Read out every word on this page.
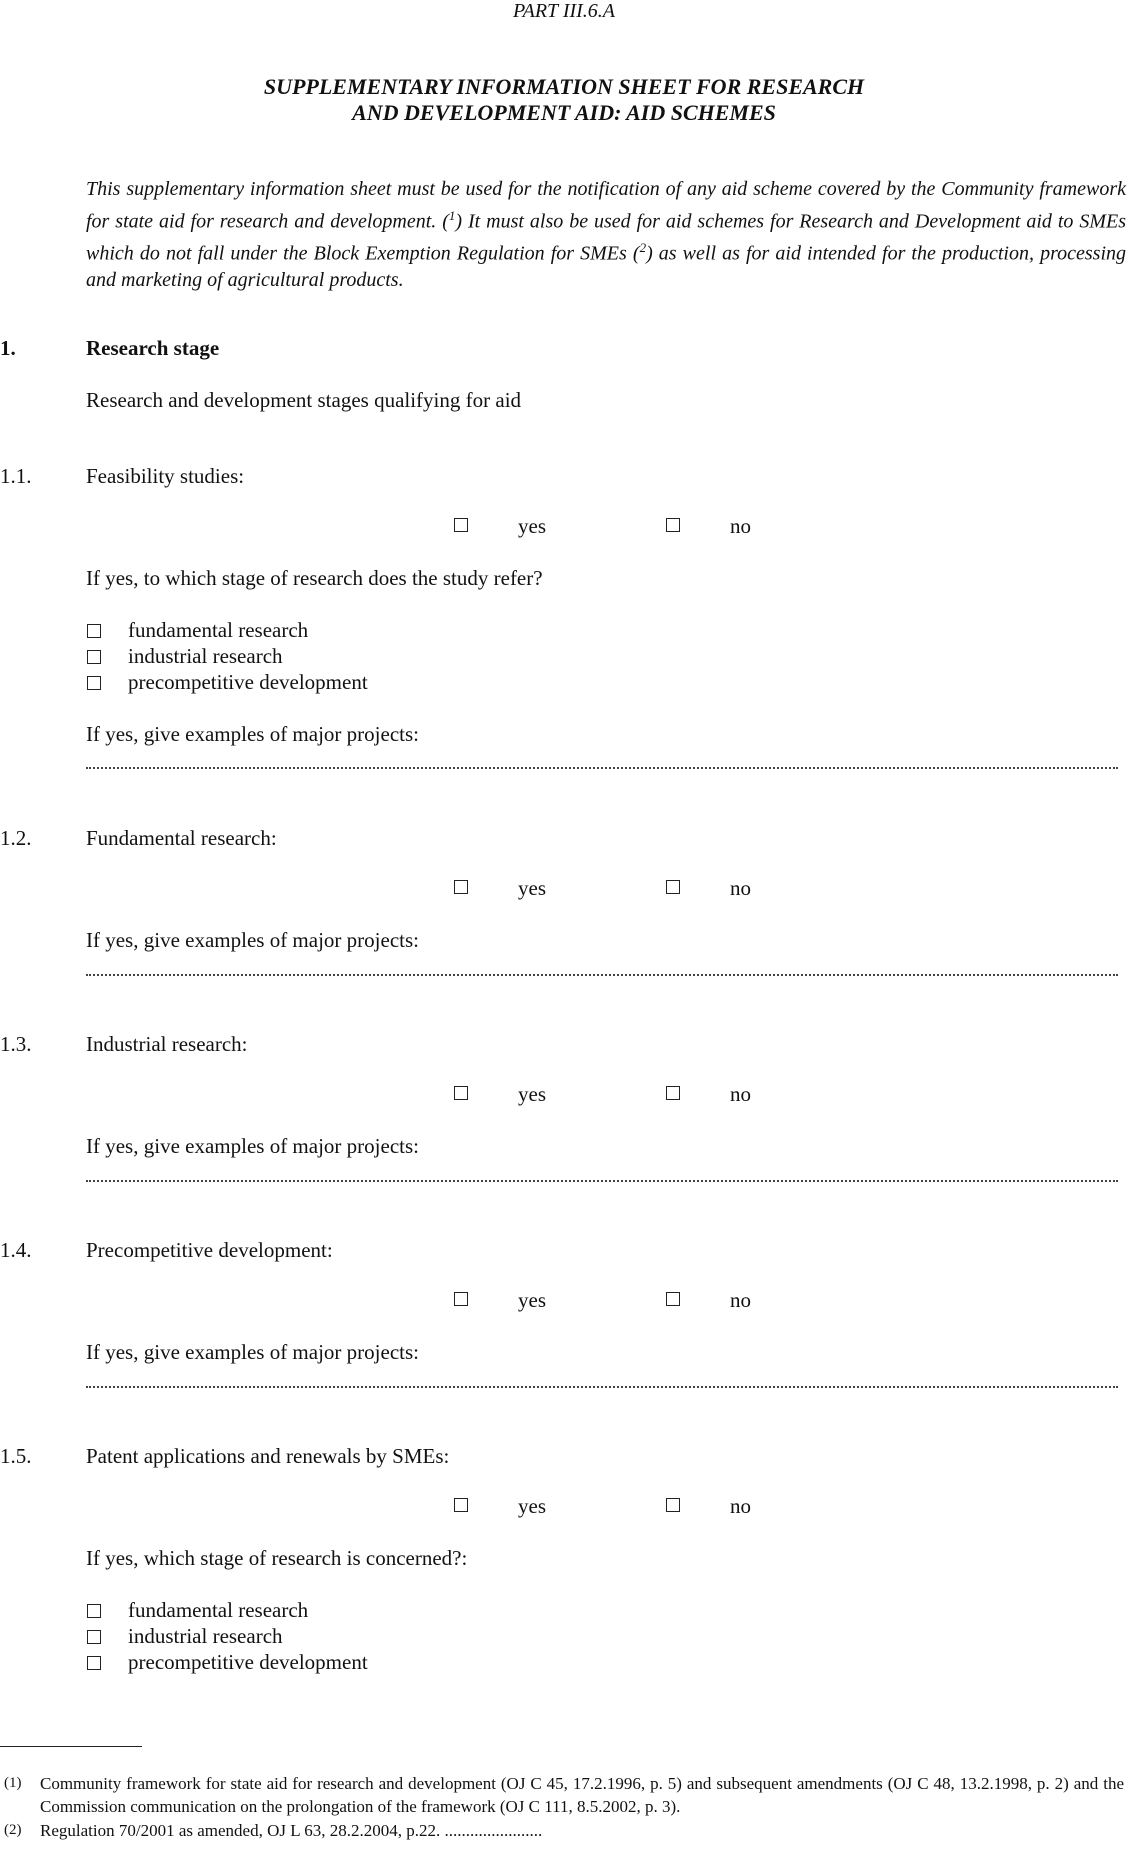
PART III.6.A
SUPPLEMENTARY INFORMATION SHEET FOR RESEARCH
AND DEVELOPMENT AID: AID SCHEMES
This supplementary information sheet must be used for the notification of any aid scheme covered by the Community framework for state aid for research and development. ($^1$) It must also be used for aid schemes for Research and Development aid to SMEs which do not fall under the Block Exemption Regulation for SMEs ($^2$) as well as for aid intended for the production, processing and marketing of agricultural products.
1.	Research stage
Research and development stages qualifying for aid
1.1.	Feasibility studies:
yes	no
If yes, to which stage of research does the study refer?
fundamental research
industrial research
precompetitive development
If yes, give examples of major projects:
1.2.	Fundamental research:
yes	no
If yes, give examples of major projects:
1.3.	Industrial research:
yes	no
If yes, give examples of major projects:
1.4.	Precompetitive development:
yes	no
If yes, give examples of major projects:
1.5.	Patent applications and renewals by SMEs:
yes	no
If yes, which stage of research is concerned?:
fundamental research
industrial research
precompetitive development
(1) Community framework for state aid for research and development (OJ C 45, 17.2.1996, p. 5) and subsequent amendments (OJ C 48, 13.2.1998, p. 2) and the Commission communication on the prolongation of the framework (OJ C 111, 8.5.2002, p. 3).
(2) Regulation 70/2001 as amended, OJ L 63, 28.2.2004, p.22. .......................
